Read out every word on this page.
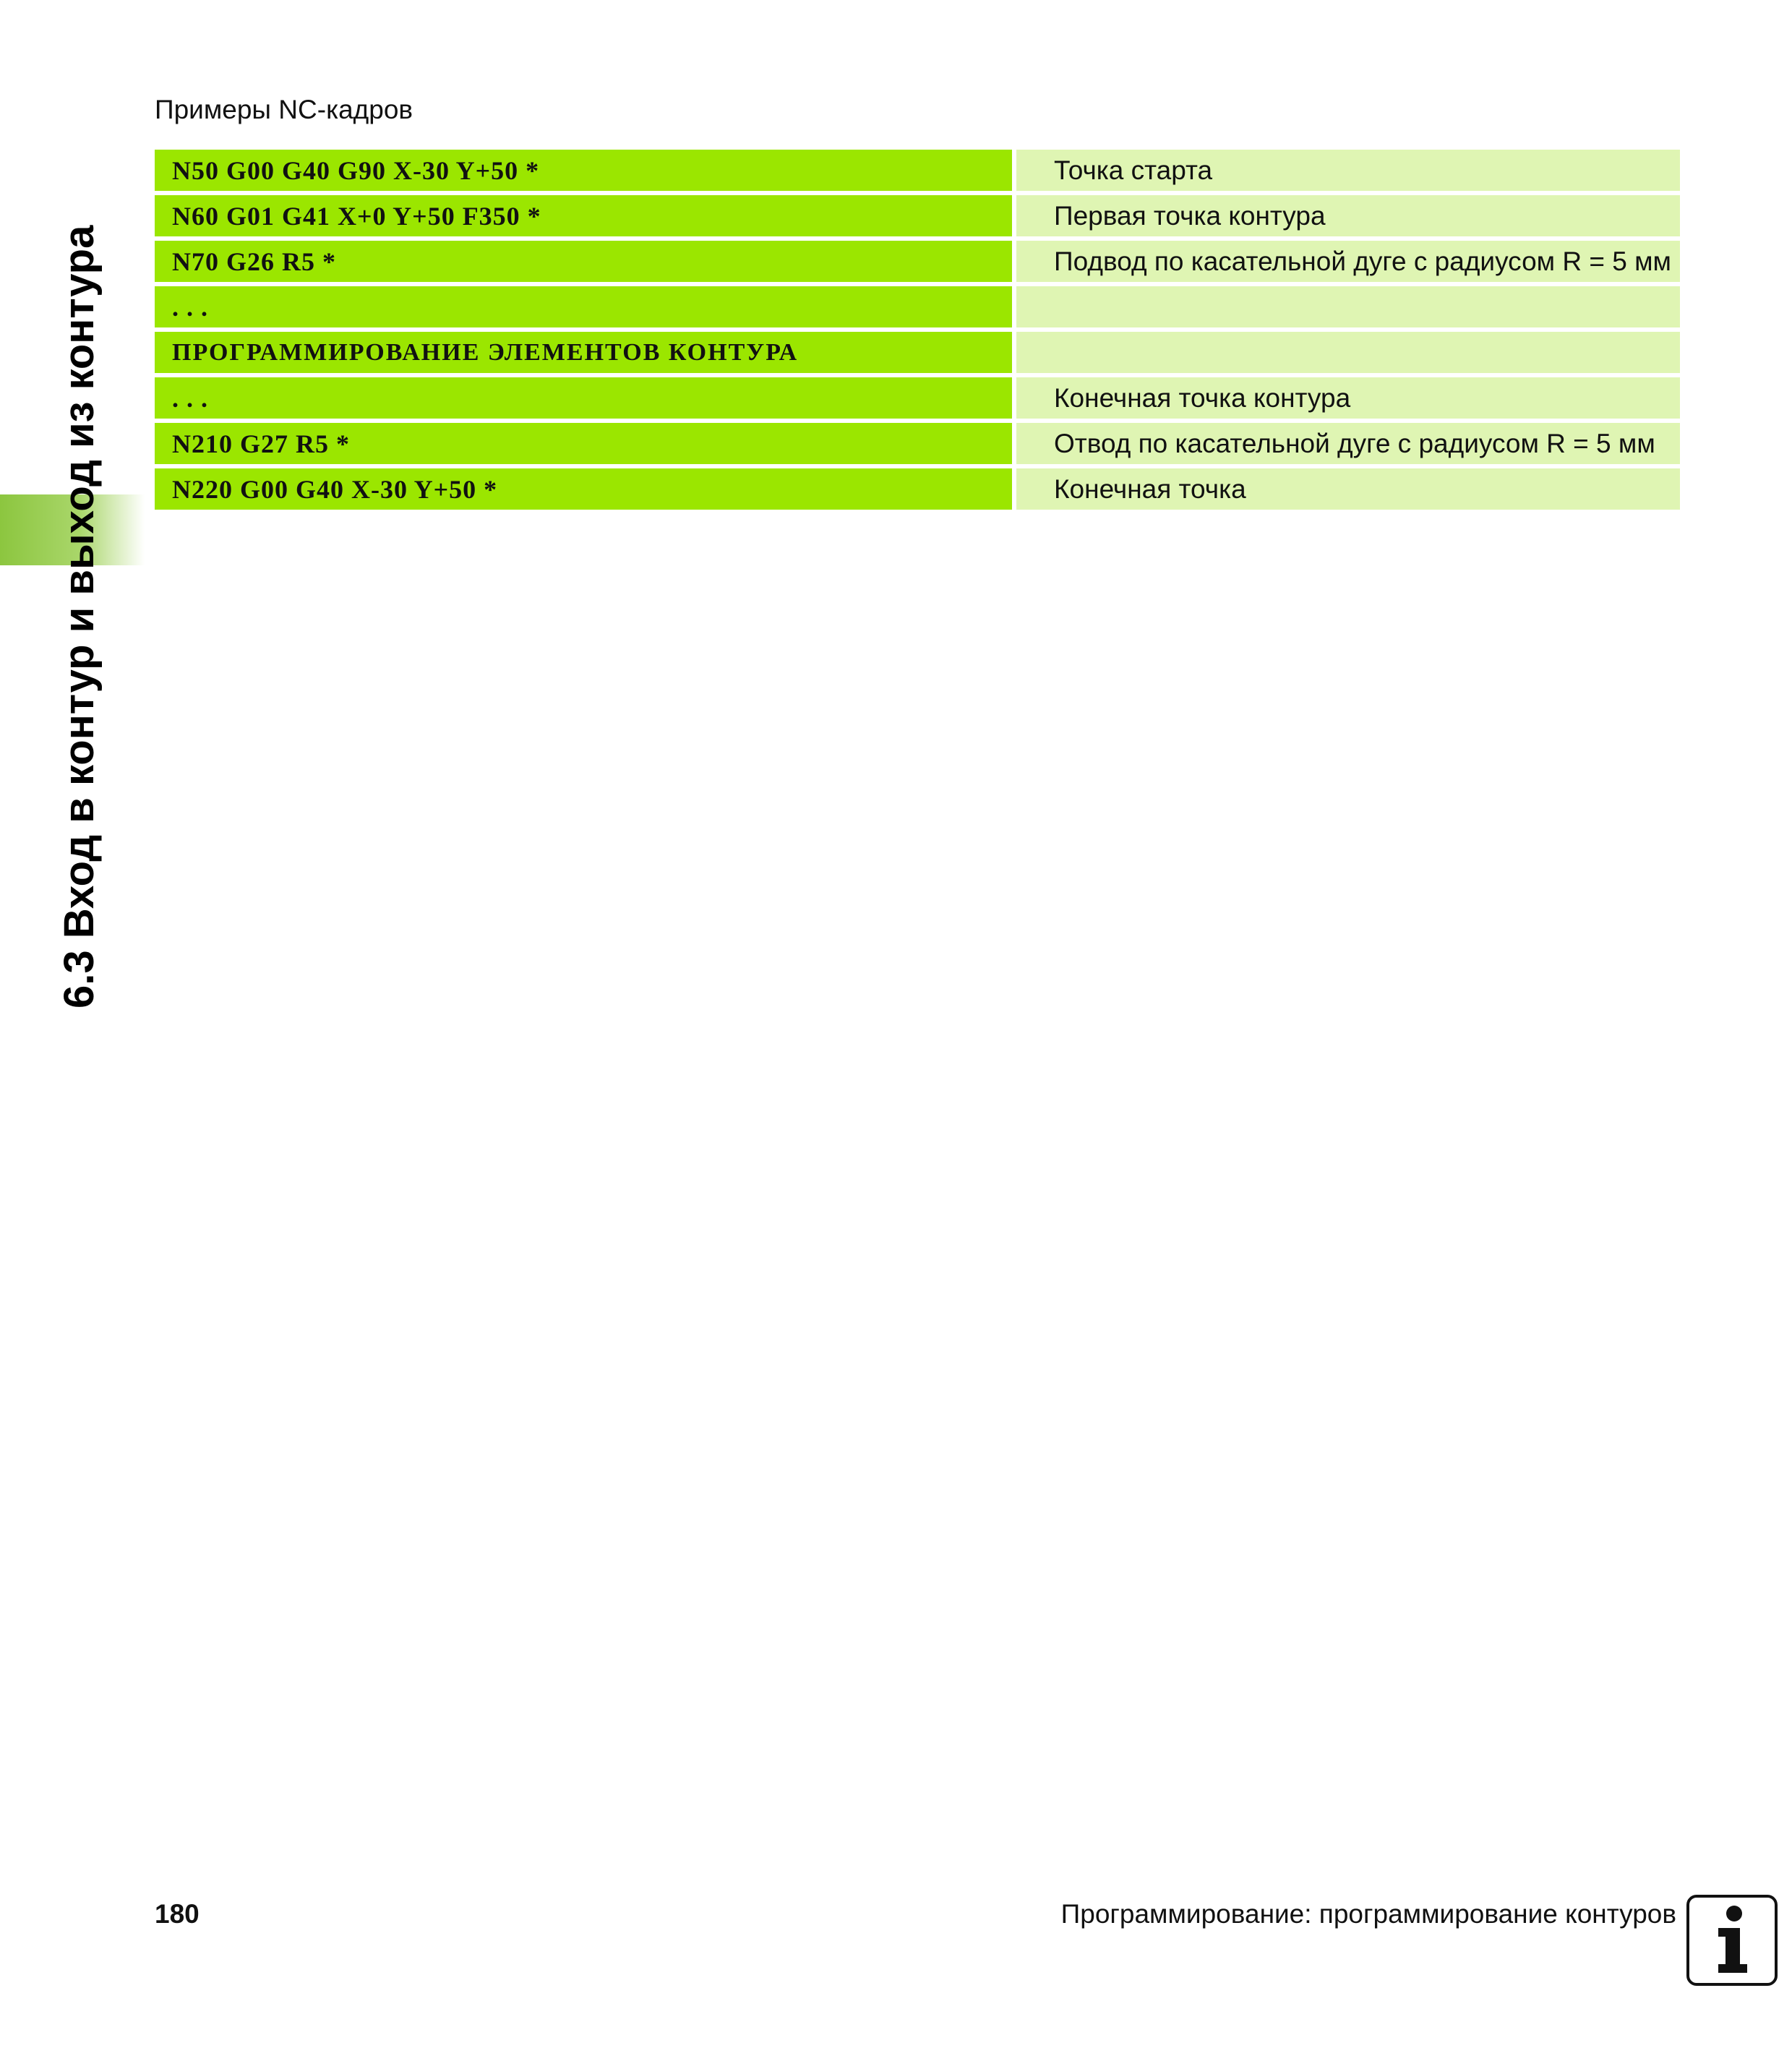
6.3 Вход в контур и выход из контура
Примеры NC-кадров
N50 G00 G40 G90 X-30 Y+50 *		Точка старта
N60 G01 G41 X+0 Y+50 F350 *		Первая точка контура
N70 G26 R5 *		Подвод по касательной дуге с радиусом R = 5 мм
. . .		
ПРОГРАММИРОВАНИЕ ЭЛЕМЕНТОВ КОНТУРА		
. . .		Конечная точка контура
N210 G27 R5 *		Отвод по касательной дуге с радиусом R = 5 мм
N220 G00 G40 X-30 Y+50 *		Конечная точка
180	Программирование: программирование контуров
